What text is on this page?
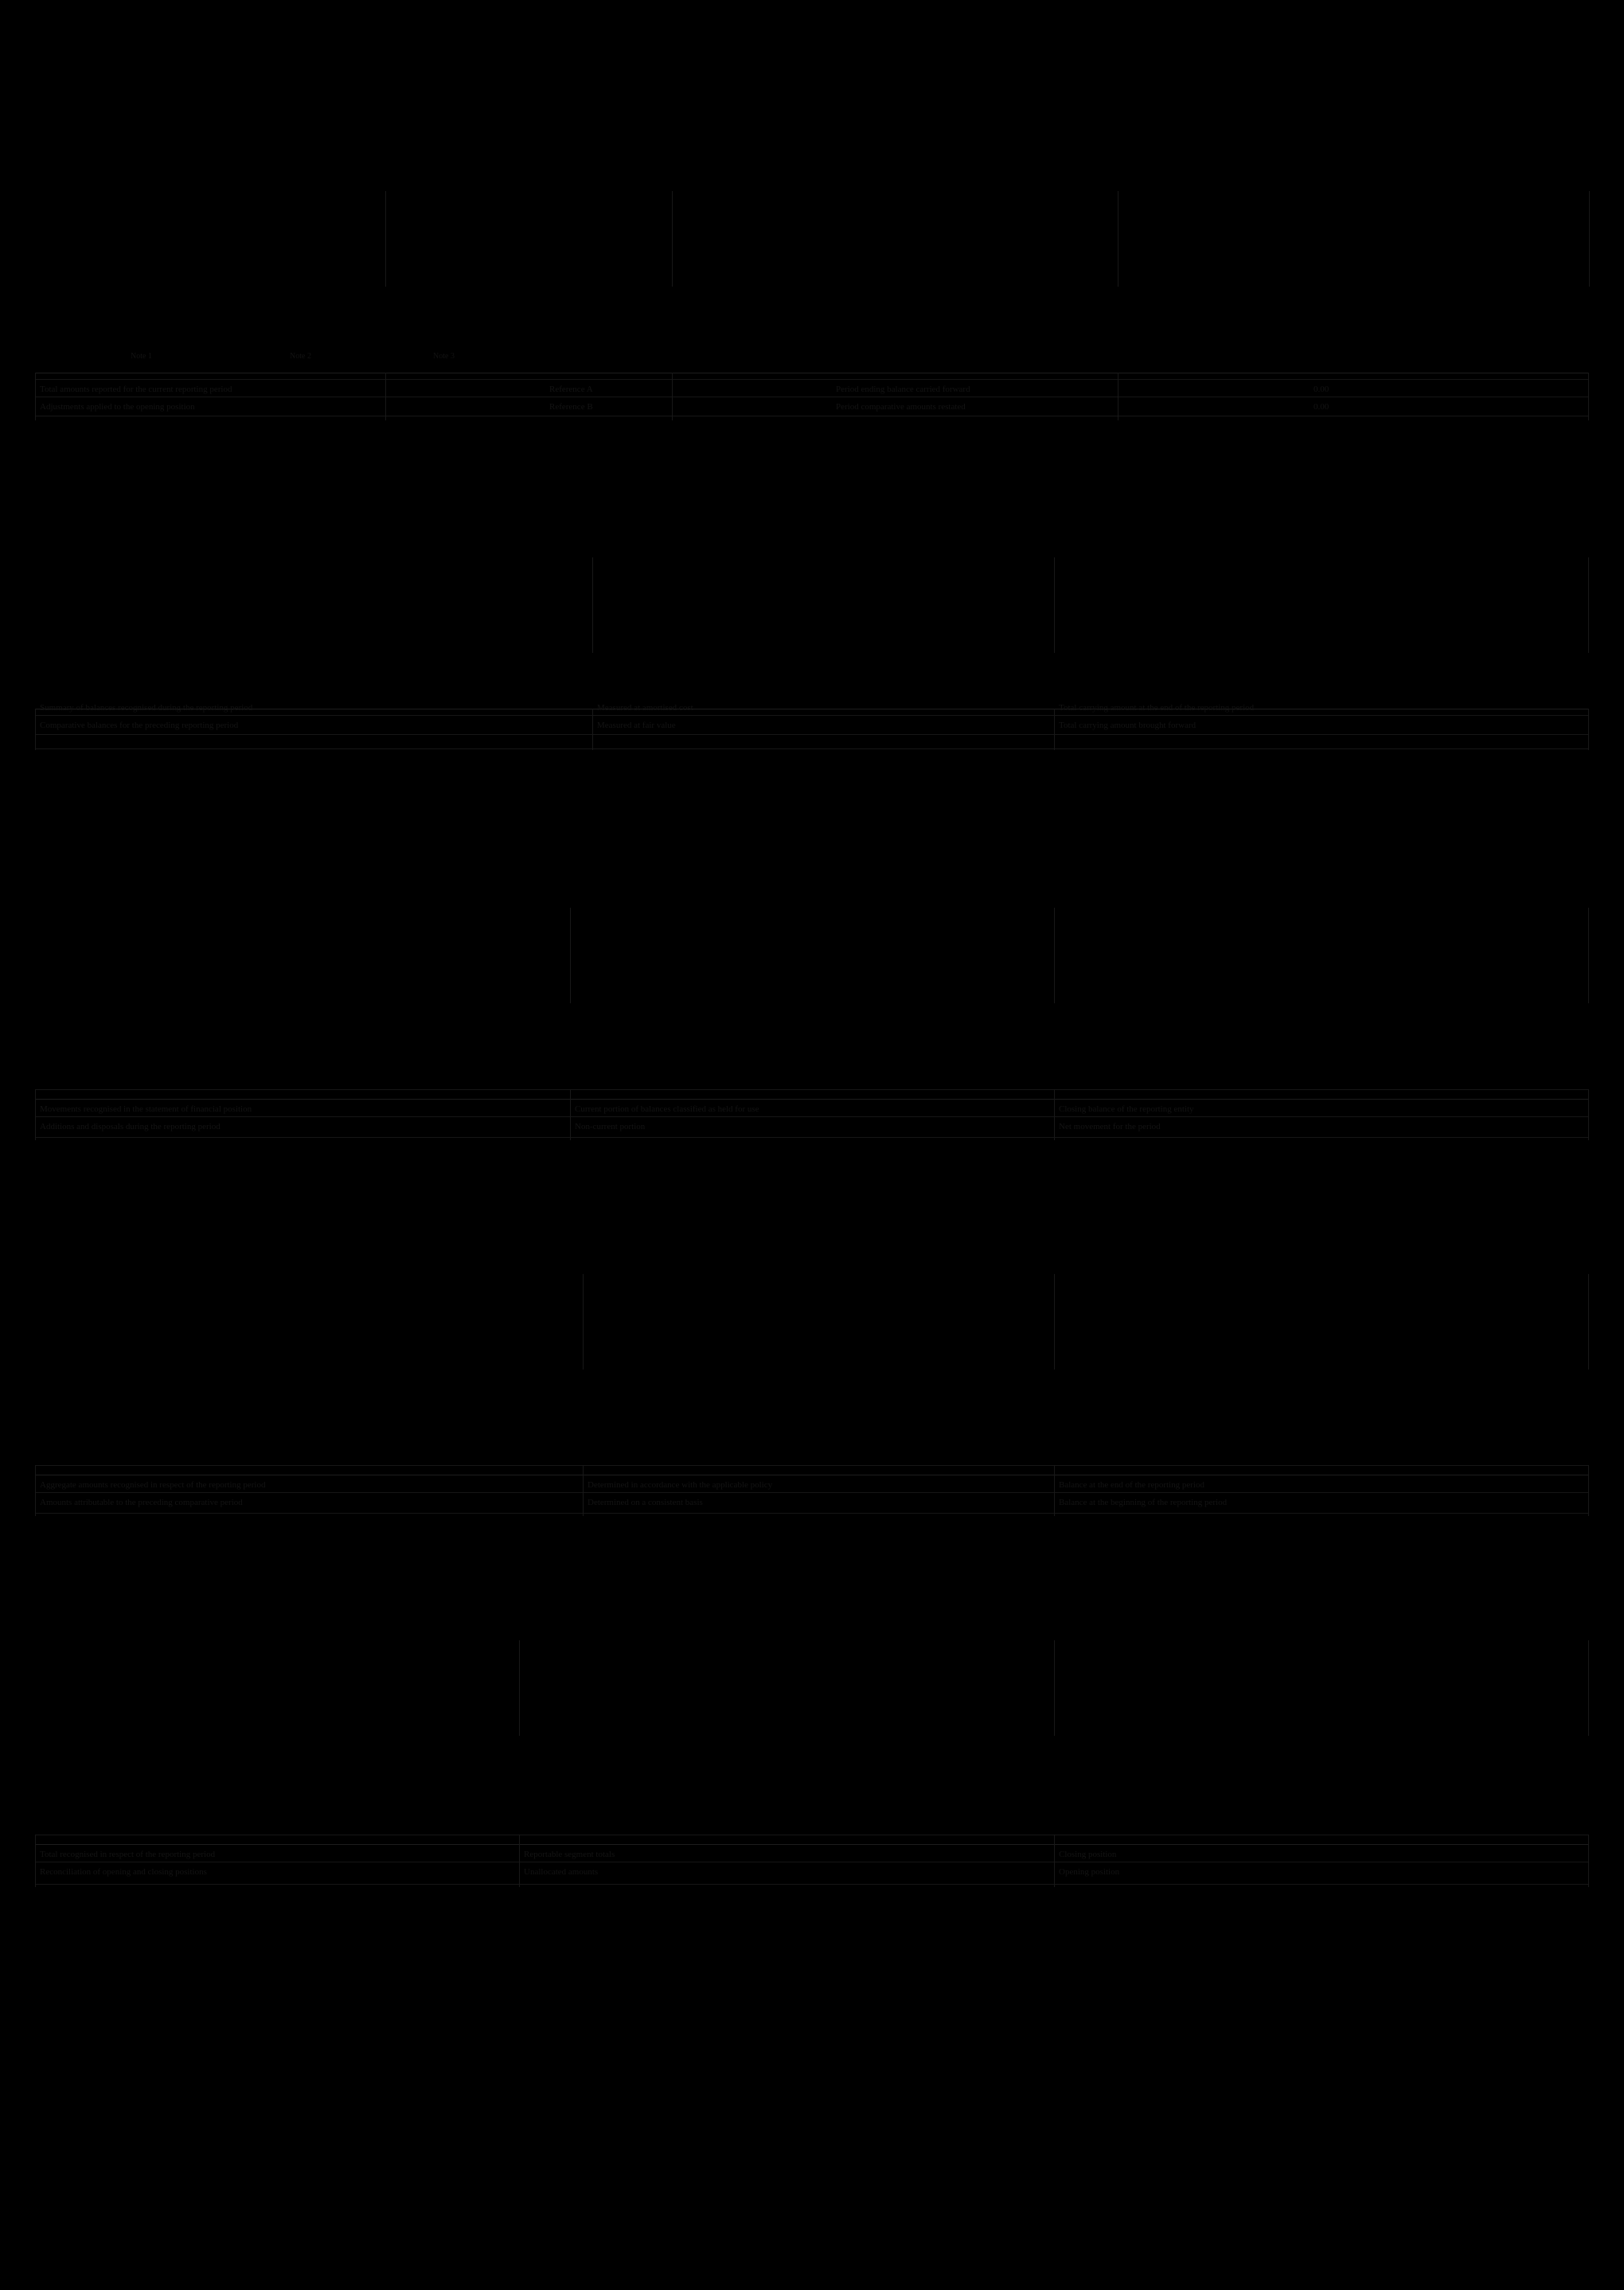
Note 1	Note 2	Note 3
Total amounts reported for the current reporting period	Reference A	Period ending balance carried forward	0.00
Adjustments applied to the opening position	Reference B	Period comparative amounts restated	0.00
Summary of balances recognised during the reporting period	Measured at amortised cost	Total carrying amount at the end of the reporting period
Comparative balances for the preceding reporting period	Measured at fair value	Total carrying amount brought forward
Movements recognised in the statement of financial position	Current portion of balances classified as held for use	Closing balance of the reporting entity
Additions and disposals during the reporting period	Non-current portion	Net movement for the period
Aggregate amounts recognised in respect of the reporting period	Determined in accordance with the applicable policy	Balance at the end of the reporting period
Amounts attributable to the preceding comparative period	Determined on a consistent basis	Balance at the beginning of the reporting period
Total recognised in respect of the reporting period	Reportable segment totals	Closing position
Reconciliation of opening and closing positions	Unallocated amounts	Opening position
